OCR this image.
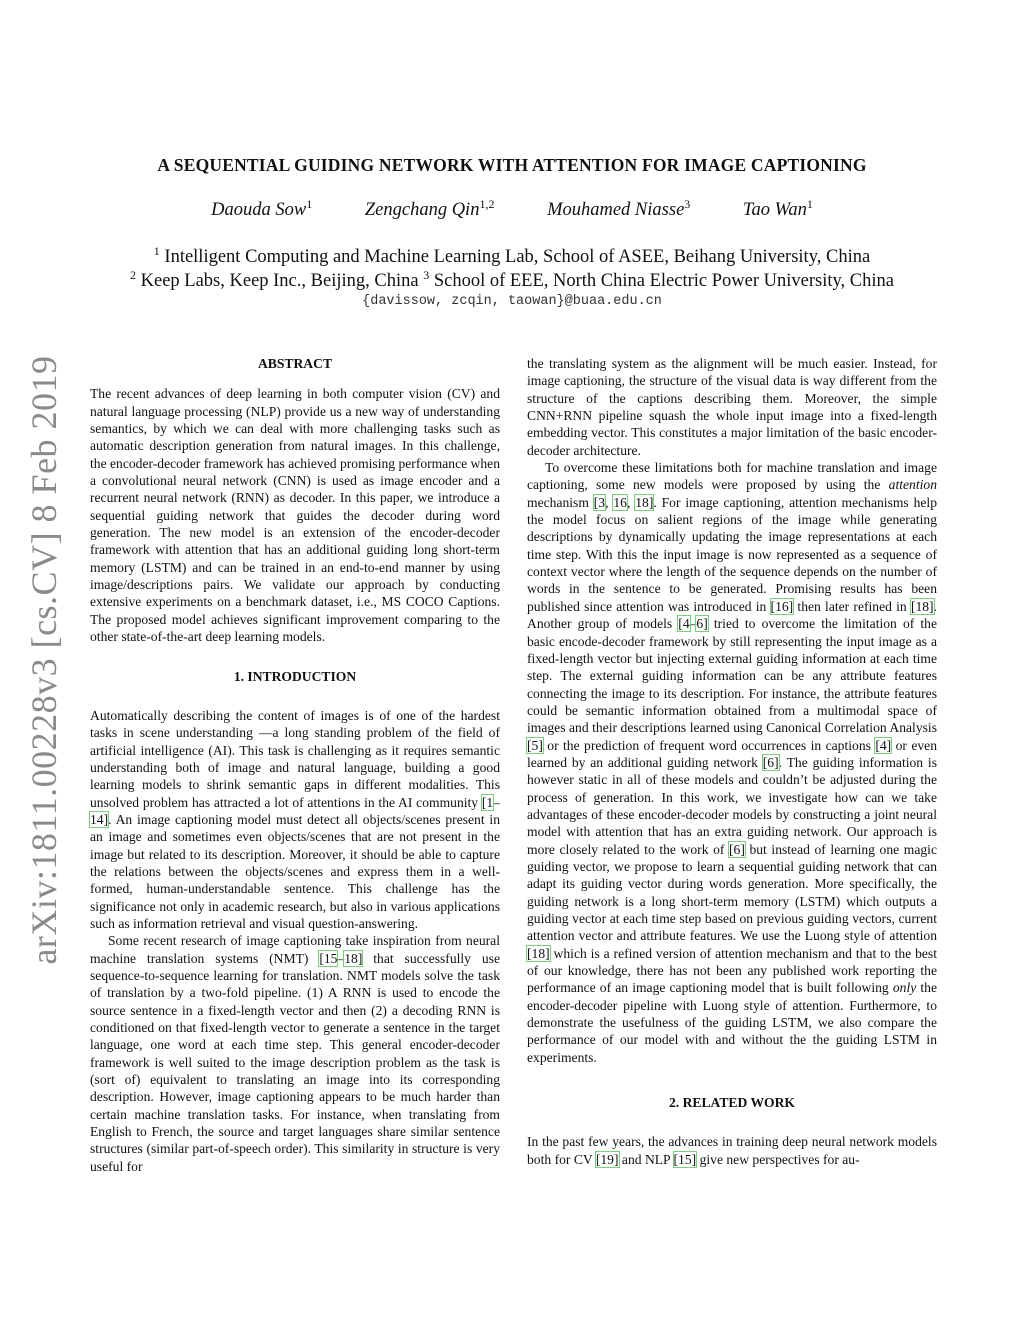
arXiv:1811.00228v3 [cs.CV] 8 Feb 2019
A SEQUENTIAL GUIDING NETWORK WITH ATTENTION FOR IMAGE CAPTIONING
Daouda Sow$^1$	Zengchang Qin$^{1,2}$	Mouhamed Niasse$^3$	Tao Wan$^1$
$^1$ Intelligent Computing and Machine Learning Lab, School of ASEE, Beihang University, China
$^2$ Keep Labs, Keep Inc., Beijing, China $^3$ School of EEE, North China Electric Power University, China
{davissow, zcqin, taowan}@buaa.edu.cn
ABSTRACT

The recent advances of deep learning in both computer vision (CV) and natural language processing (NLP) provide us a new way of understanding semantics, by which we can deal with more challenging tasks such as automatic description generation from natural images. In this challenge, the encoder-decoder framework has achieved promising performance when a convolutional neural network (CNN) is used as image encoder and a recurrent neural network (RNN) as decoder. In this paper, we introduce a sequential guiding network that guides the decoder during word generation. The new model is an extension of the encoder-decoder framework with attention that has an additional guiding long short-term memory (LSTM) and can be trained in an end-to-end manner by using image/descriptions pairs. We validate our approach by conducting extensive experiments on a benchmark dataset, i.e., MS COCO Captions. The proposed model achieves significant improvement comparing to the other state-of-the-art deep learning models.

1. INTRODUCTION

Automatically describing the content of images is of one of the hardest tasks in scene understanding —a long standing problem of the field of artificial intelligence (AI). This task is challenging as it requires semantic understanding both of image and natural language, building a good learning models to shrink semantic gaps in different modalities. This unsolved problem has attracted a lot of attentions in the AI community [1–14]. An image captioning model must detect all objects/scenes present in an image and sometimes even objects/scenes that are not present in the image but related to its description. Moreover, it should be able to capture the relations between the objects/scenes and express them in a well-formed, human-understandable sentence. This challenge has the significance not only in academic research, but also in various applications such as information retrieval and visual question-answering.

Some recent research of image captioning take inspiration from neural machine translation systems (NMT) [15–18] that successfully use sequence-to-sequence learning for translation. NMT models solve the task of translation by a two-fold pipeline. (1) A RNN is used to encode the source sentence in a fixed-length vector and then (2) a decoding RNN is conditioned on that fixed-length vector to generate a sentence in the target language, one word at each time step. This general encoder-decoder framework is well suited to the image description problem as the task is (sort of) equivalent to translating an image into its corresponding description. However, image captioning appears to be much harder than certain machine translation tasks. For instance, when translating from English to French, the source and target languages share similar sentence structures (similar part-of-speech order). This similarity in structure is very useful for

the translating system as the alignment will be much easier. Instead, for image captioning, the structure of the visual data is way different from the structure of the captions describing them. Moreover, the simple CNN+RNN pipeline squash the whole input image into a fixed-length embedding vector. This constitutes a major limitation of the basic encoder-decoder architecture.

To overcome these limitations both for machine translation and image captioning, some new models were proposed by using the attention mechanism [3, 16, 18]. For image captioning, attention mechanisms help the model focus on salient regions of the image while generating descriptions by dynamically updating the image representations at each time step. With this the input image is now represented as a sequence of context vector where the length of the sequence depends on the number of words in the sentence to be generated. Promising results has been published since attention was introduced in [16] then later refined in [18]. Another group of models [4–6] tried to overcome the limitation of the basic encode-decoder framework by still representing the input image as a fixed-length vector but injecting external guiding information at each time step. The external guiding information can be any attribute features connecting the image to its description. For instance, the attribute features could be semantic information obtained from a multimodal space of images and their descriptions learned using Canonical Correlation Analysis [5] or the prediction of frequent word occurrences in captions [4] or even learned by an additional guiding network [6]. The guiding information is however static in all of these models and couldn’t be adjusted during the process of generation. In this work, we investigate how can we take advantages of these encoder-decoder models by constructing a joint neural model with attention that has an extra guiding network. Our approach is more closely related to the work of [6] but instead of learning one magic guiding vector, we propose to learn a sequential guiding network that can adapt its guiding vector during words generation. More specifically, the guiding network is a long short-term memory (LSTM) which outputs a guiding vector at each time step based on previous guiding vectors, current attention vector and attribute features. We use the Luong style of attention [18] which is a refined version of attention mechanism and that to the best of our knowledge, there has not been any published work reporting the performance of an image captioning model that is built following only the encoder-decoder pipeline with Luong style of attention. Furthermore, to demonstrate the usefulness of the guiding LSTM, we also compare the performance of our model with and without the the guiding LSTM in experiments.

2. RELATED WORK

In the past few years, the advances in training deep neural network models both for CV [19] and NLP [15] give new perspectives for au-
